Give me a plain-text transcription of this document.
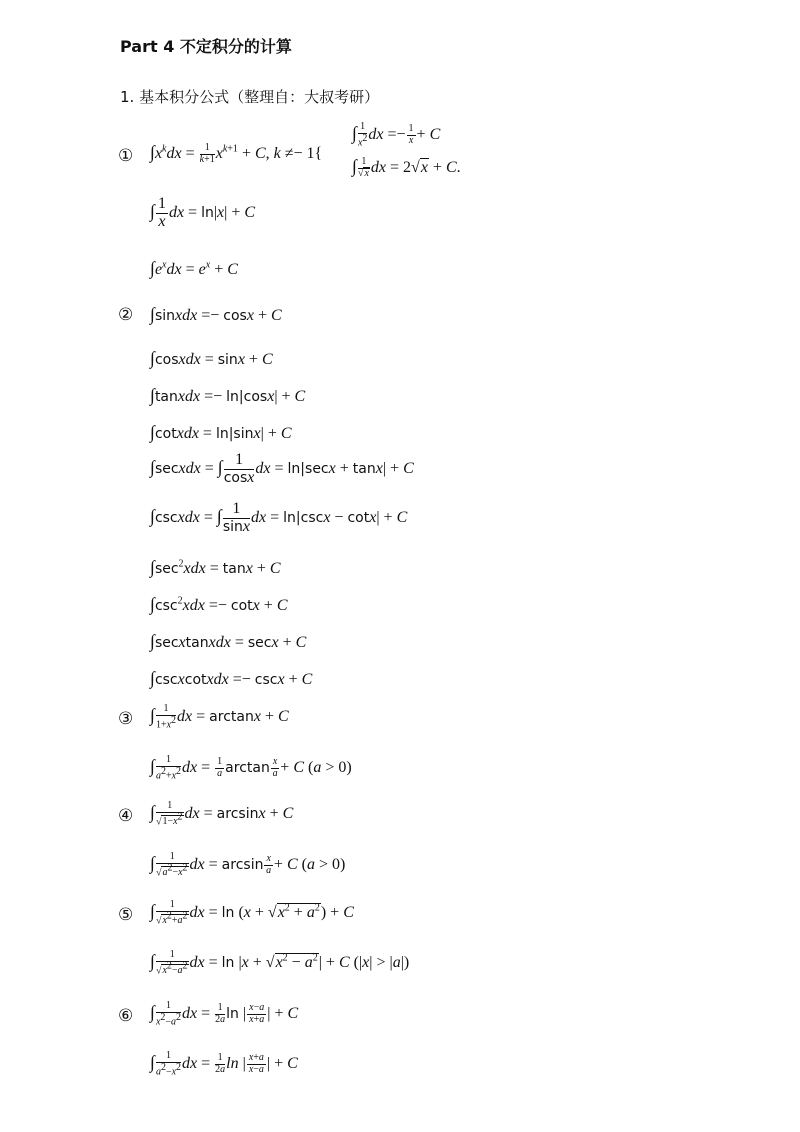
Part 4 不定积分的计算
1. 基本积分公式（整理自：大叔考研）
① $\int x^kdx = \frac{1}{k+1} x^{k+1} + C$, k ≠− 1{
∫ $\frac{1}{x^2}$ dx =− $\frac{1}{x} + C$
∫ $\frac{1}{√x}$ dx = 2√x + C.
∫ $\frac{1}{x}$ dx = ln|x| + C
$\int e^xdx = e^x + C$
② ∫sinxdx =− cosx + C
∫cosxdx = sinx + C
∫tanxdx =− ln|cosx| + C
∫cotxdx = ln|sinx| + C
∫secxdx = ∫ $\frac{1}{\cos x}$ dx = ln|secx + tanx| + C
∫cscxdx = ∫ $\frac{1}{\sin x}$ dx = ln|cscx − cotx| + C
$\int\sec^2xdx = \tan x + C$
$\int\csc^2xdx =- \cot x + C$
∫secxtanxdx = secx + C
∫cscxcotxdx =− cscx + C
③ ∫ $\frac{1}{1+x^2}$ dx = arctanx + C
∫ $\frac{1}{a^2+x^2}$ dx = $\frac{1}{a}$ $\arctan \frac{x}{a} + C$ (a > 0)
④ ∫ $\frac{1}{√1-x^2}$ dx = arcsinx + C
∫ $\frac{1}{√a^2-x^2}$ dx = $\arcsin \frac{x}{a} + C$ (a > 0)
⑤ ∫ $\frac{1}{√x^2+a^2}$ dx = $\ln (x + √x^2 + a^2) + C$
∫ $\frac{1}{√x^2-a^2}$ dx = $\ln |x + √x^2 - a^2| + C$ (|x| > |a|)
⑥ ∫ $\frac{1}{x^2-a^2}$ dx = $\frac{1}{2a}$ ln | $\frac{x-a}{x+a}$ | + C
∫ $\frac{1}{a^2-x^2}$ dx = $\frac{1}{2a}$ ln | $\frac{x+a}{x-a}$ | + C
